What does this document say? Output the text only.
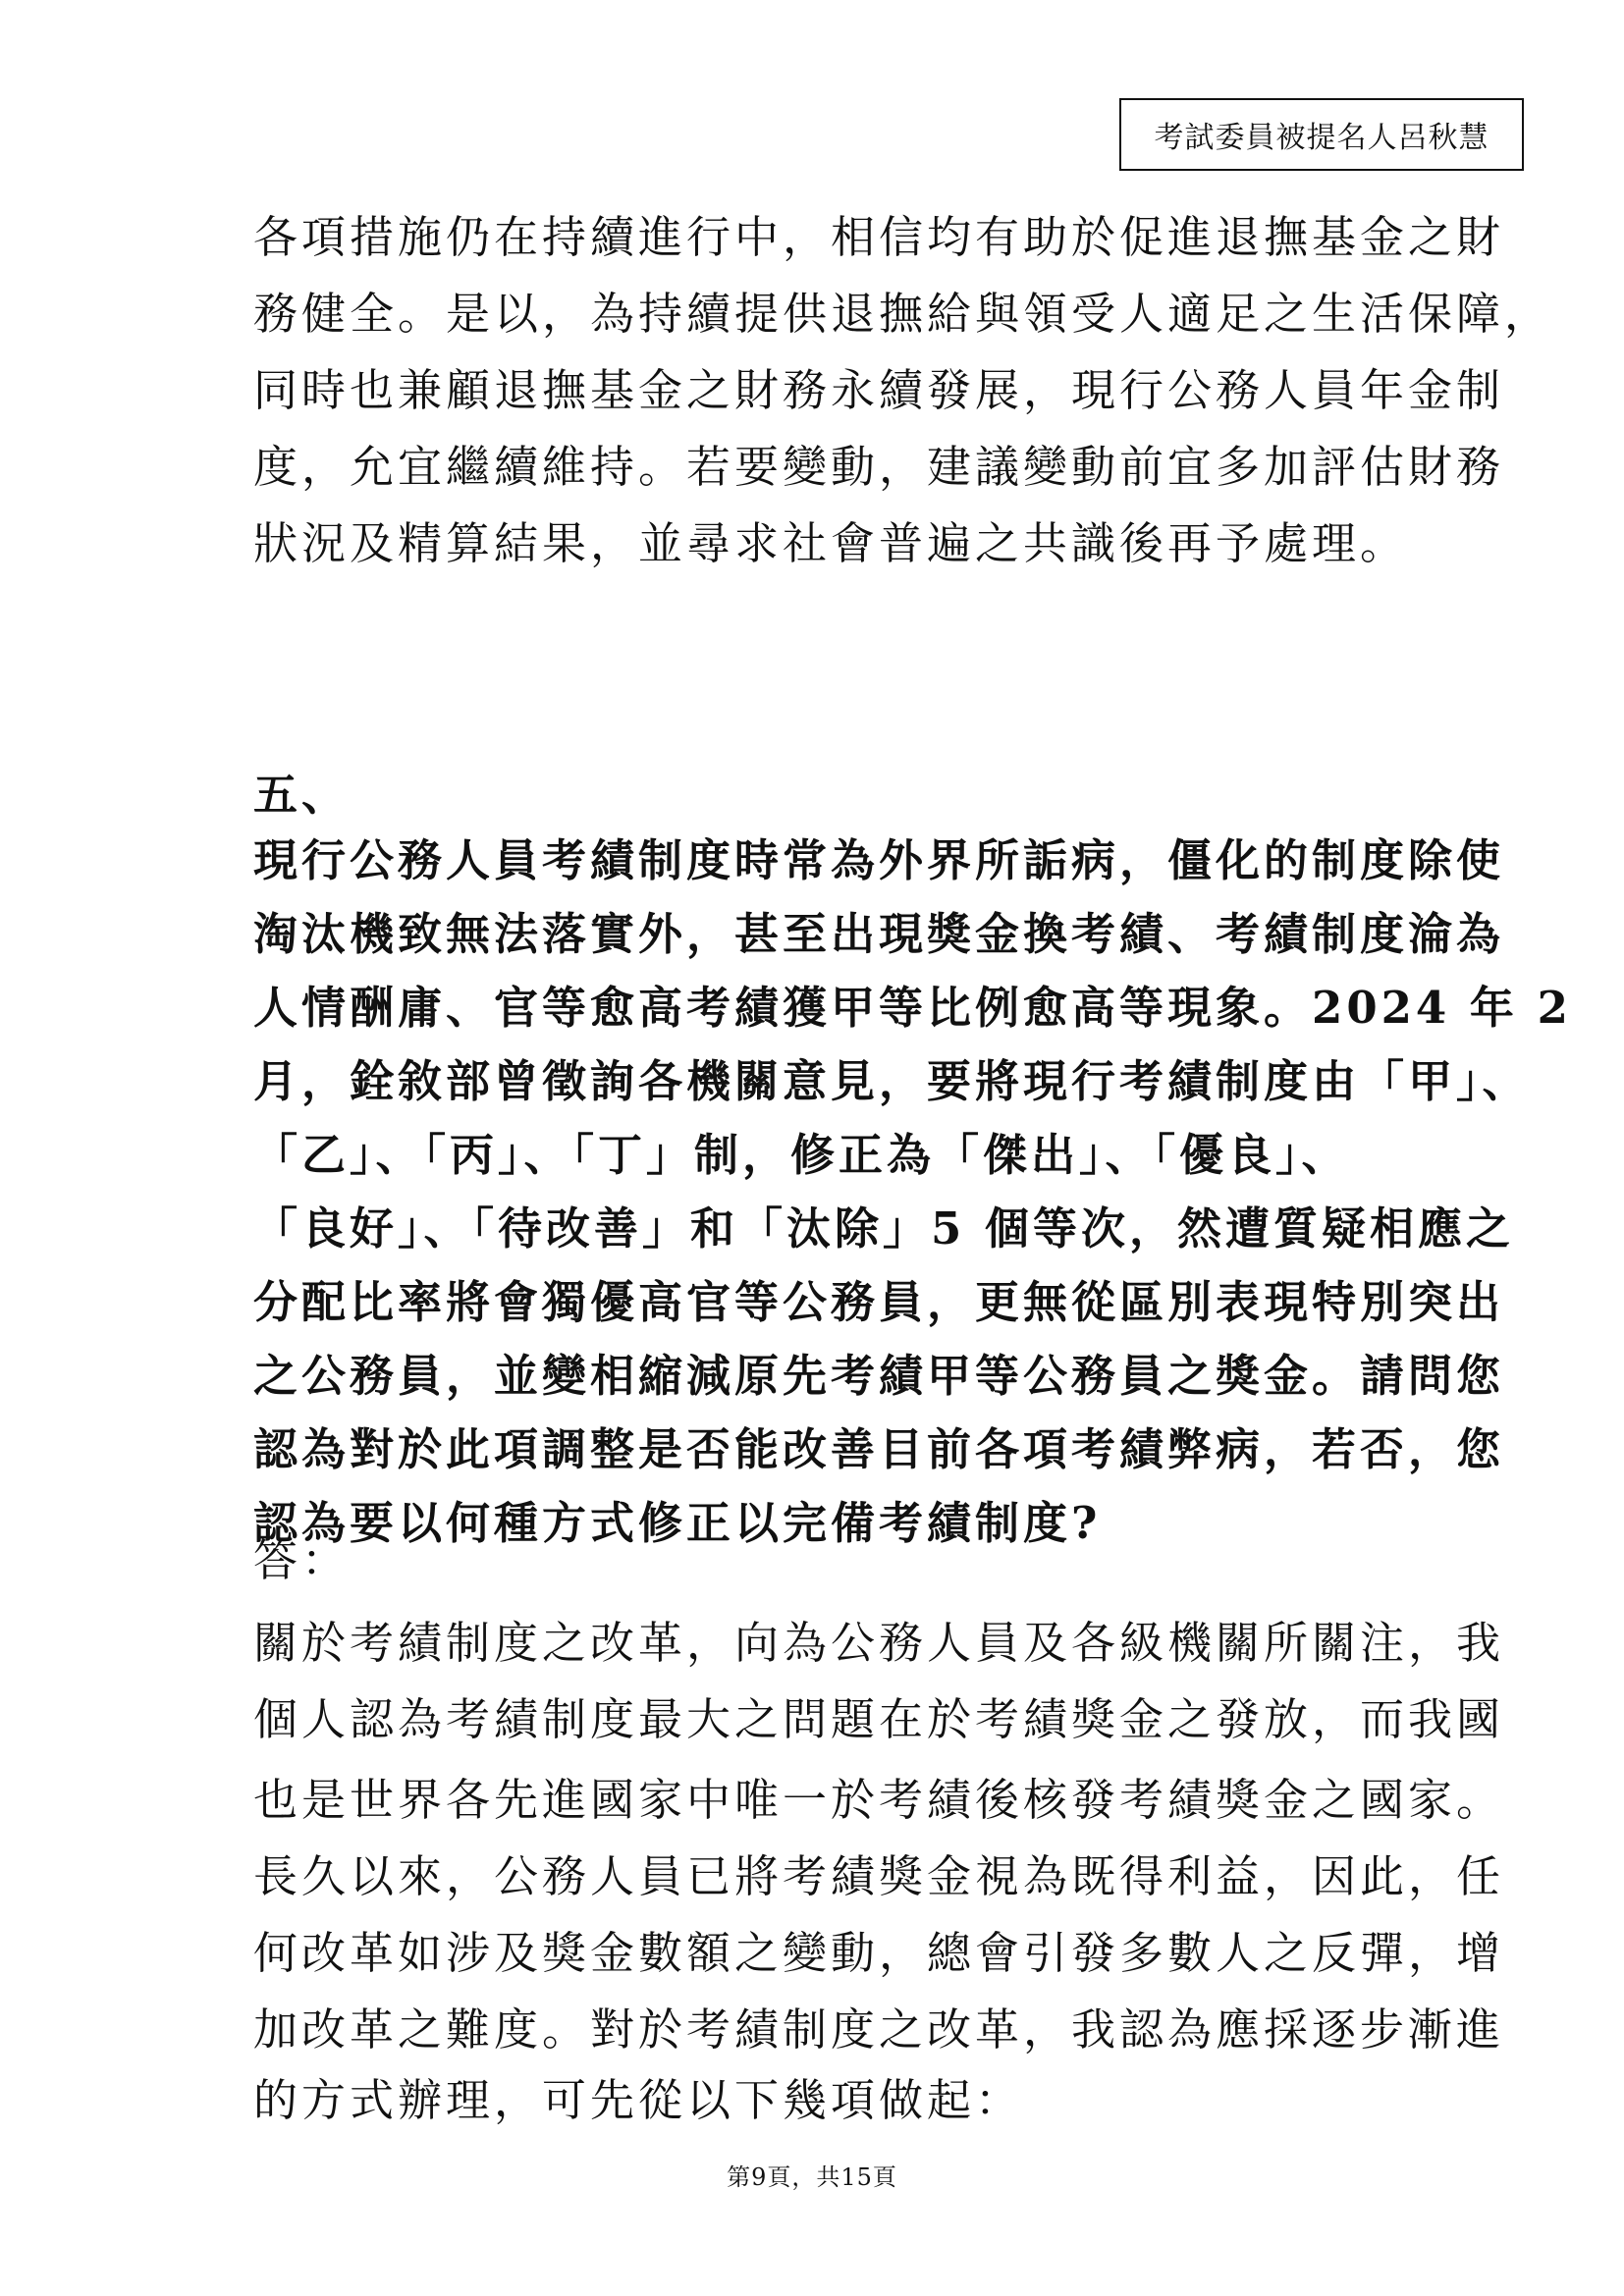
考試委員被提名人呂秋慧
各項措施仍在持續進行中，相信均有助於促進退撫基金之財
務健全。是以，為持續提供退撫給與領受人適足之生活保障，
同時也兼顧退撫基金之財務永續發展，現行公務人員年金制
度，允宜繼續維持。若要變動，建議變動前宜多加評估財務
狀況及精算結果，並尋求社會普遍之共識後再予處理。
五、
現行公務人員考績制度時常為外界所詬病，僵化的制度除使
淘汰機致無法落實外，甚至出現獎金換考績、考績制度淪為
人情酬庸、官等愈高考績獲甲等比例愈高等現象。2024 年 2
月，銓敘部曾徵詢各機關意見，要將現行考績制度由「甲」、
「乙」、「丙」、「丁」制，修正為「傑出」、「優良」、
「良好」、「待改善」和「汰除」5 個等次，然遭質疑相應之
分配比率將會獨優高官等公務員，更無從區別表現特別突出
之公務員，並變相縮減原先考績甲等公務員之獎金。請問您
認為對於此項調整是否能改善目前各項考績弊病，若否，您
認為要以何種方式修正以完備考績制度?
答：
關於考績制度之改革，向為公務人員及各級機關所關注，我
個人認為考績制度最大之問題在於考績獎金之發放，而我國
也是世界各先進國家中唯一於考績後核發考績獎金之國家。
長久以來，公務人員已將考績獎金視為既得利益，因此，任
何改革如涉及獎金數額之變動，總會引發多數人之反彈，增
加改革之難度。對於考績制度之改革，我認為應採逐步漸進
的方式辦理，可先從以下幾項做起：
第9頁，共15頁
